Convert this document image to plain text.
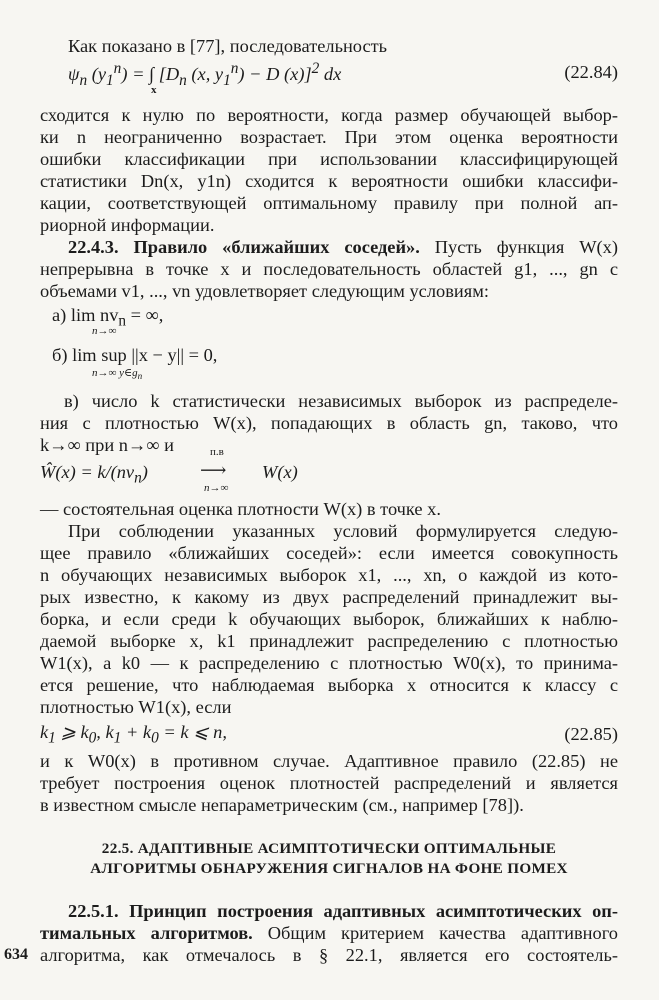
Как показано в [77], последовательность
$\psi_n$ $(y_1^n)$ = ∫ [$D_n$ (x, $y_1^n) - D$ (x)]$^2$ dx
x
(22.84)
сходится к нулю по вероятности, когда размер обучающей выбор-
ки n неограниченно возрастает. При этом оценка вероятности
ошибки классификации при использовании классифицирующей
статистики Dn(x, y1n) сходится к вероятности ошибки классифи-
кации, соответствующей оптимальному правилу при полной ап-
риорной информации.
22.4.3. Правило «ближайших соседей». Пусть функция W(x)
непрерывна в точке x и последовательность областей g1, ..., gn с
объемами v1, ..., vn удовлетворяет следующим условиям:
а) $\lim nv_n$ = ∞,
n→∞
б) lim sup ||x − y|| = 0,
n→∞ $y\in g_n$
в) число k статистически независимых выборок из распределе-
ния с плотностью W(x), попадающих в область gn, таково, что
k→∞ при n→∞ и
Ŵ(x) = $k/(nv_n)$
п.в
⟶
n→∞
W(x)
— состоятельная оценка плотности W(x) в точке x.
При соблюдении указанных условий формулируется следую-
щее правило «ближайших соседей»: если имеется совокупность
n обучающих независимых выборок x1, ..., xn, о каждой из кото-
рых известно, к какому из двух распределений принадлежит вы-
борка, и если среди k обучающих выборок, ближайших к наблю-
даемой выборке x, k1 принадлежит распределению с плотностью
W1(x), а k0 — к распределению с плотностью W0(x), то принима-
ется решение, что наблюдаемая выборка x относится к классу с
плотностью W1(x), если
$k_1$ ⩾ $k_0$, $k_1 + k_0 = k$ ⩽ n,	(22.85)
и к W0(x) в противном случае. Адаптивное правило (22.85) не
требует построения оценок плотностей распределений и является
в известном смысле непараметрическим (см., например [78]).
22.5. АДАПТИВНЫЕ АСИМПТОТИЧЕСКИ ОПТИМАЛЬНЫЕ
АЛГОРИТМЫ ОБНАРУЖЕНИЯ СИГНАЛОВ НА ФОНЕ ПОМЕХ
22.5.1. Принцип построения адаптивных асимптотических оп-
тимальных алгоритмов. Общим критерием качества адаптивного
алгоритма, как отмечалось в § 22.1, является его состоятель-
634
